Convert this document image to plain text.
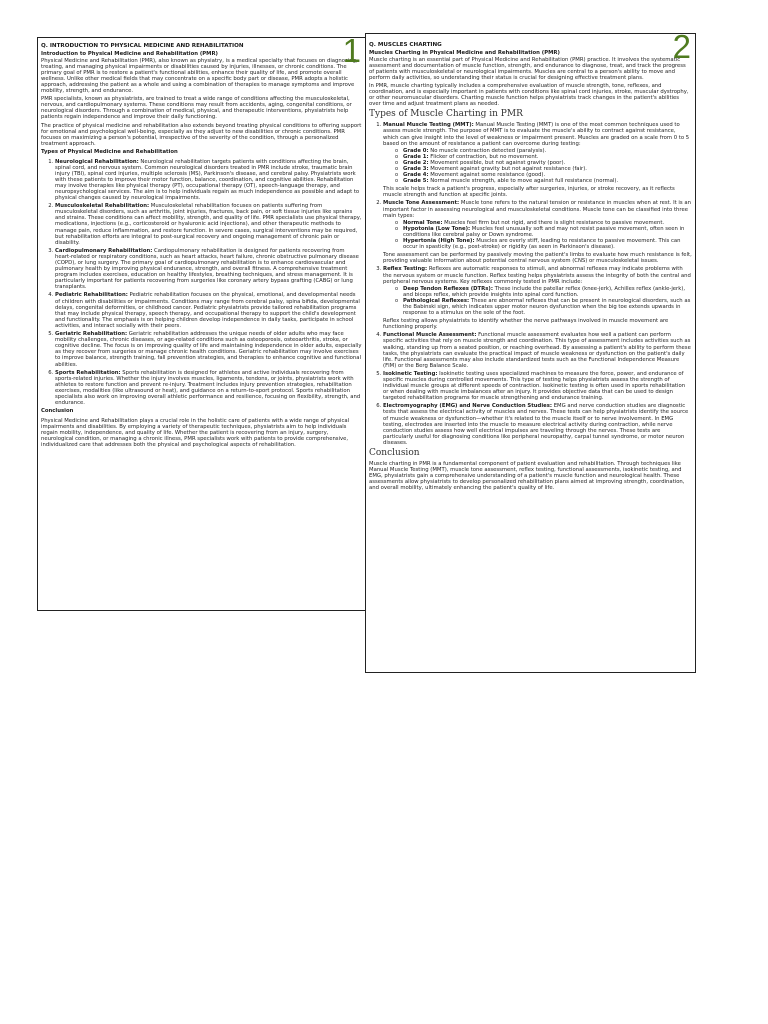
1
Q. INTRODUCTION TO PHYSICAL MEDICINE AND REHABILITATION
Introduction to Physical Medicine and Rehabilitation (PMR)

Physical Medicine and Rehabilitation (PMR), also known as physiatry, is a medical specialty that focuses on diagnosing, treating, and managing physical impairments or disabilities caused by injuries, illnesses, or chronic conditions. The primary goal of PMR is to restore a patient's functional abilities, enhance their quality of life, and promote overall wellness. Unlike other medical fields that may concentrate on a specific body part or disease, PMR adopts a holistic approach, addressing the patient as a whole and using a combination of therapies to manage symptoms and improve mobility, strength, and endurance.

PMR specialists, known as physiatrists, are trained to treat a wide range of conditions affecting the musculoskeletal, nervous, and cardiopulmonary systems. These conditions may result from accidents, aging, congenital conditions, or neurological disorders. Through a combination of medical, physical, and therapeutic interventions, physiatrists help patients regain independence and improve their daily functioning.

The practice of physical medicine and rehabilitation also extends beyond treating physical conditions to offering support for emotional and psychological well-being, especially as they adjust to new disabilities or chronic conditions. PMR focuses on maximizing a person's potential, irrespective of the severity of the condition, through a personalized treatment approach.

Types of Physical Medicine and Rehabilitation
1. Neurological Rehabilitation: Neurological rehabilitation targets patients with conditions affecting the brain, spinal cord, and nervous system. Common neurological disorders treated in PMR include stroke, traumatic brain injury (TBI), spinal cord injuries, multiple sclerosis (MS), Parkinson's disease, and cerebral palsy. Physiatrists work with these patients to improve their motor function, balance, coordination, and cognitive abilities. Rehabilitation may involve therapies like physical therapy (PT), occupational therapy (OT), speech-language therapy, and neuropsychological services. The aim is to help individuals regain as much independence as possible and adapt to physical changes caused by neurological impairments.
2. Musculoskeletal Rehabilitation: Musculoskeletal rehabilitation focuses on patients suffering from musculoskeletal disorders, such as arthritis, joint injuries, fractures, back pain, or soft tissue injuries like sprains and strains. These conditions can affect mobility, strength, and quality of life. PMR specialists use physical therapy, medications, injections (e.g., corticosteroid or hyaluronic acid injections), and other therapeutic methods to manage pain, reduce inflammation, and restore function. In severe cases, surgical interventions may be required, but rehabilitation efforts are integral to post-surgical recovery and ongoing management of chronic pain or disability.
3. Cardiopulmonary Rehabilitation: Cardiopulmonary rehabilitation is designed for patients recovering from heart-related or respiratory conditions, such as heart attacks, heart failure, chronic obstructive pulmonary disease (COPD), or lung surgery. The primary goal of cardiopulmonary rehabilitation is to enhance cardiovascular and pulmonary health by improving physical endurance, strength, and overall fitness. A comprehensive treatment program includes exercises, education on healthy lifestyles, breathing techniques, and stress management. It is particularly important for patients recovering from surgeries like coronary artery bypass grafting (CABG) or lung transplants.
4. Pediatric Rehabilitation: Pediatric rehabilitation focuses on the physical, emotional, and developmental needs of children with disabilities or impairments. Conditions may range from cerebral palsy, spina bifida, developmental delays, congenital deformities, or childhood cancer. Pediatric physiatrists provide tailored rehabilitation programs that may include physical therapy, speech therapy, and occupational therapy to support the child's development and functionality. The emphasis is on helping children develop independence in daily tasks, participate in school activities, and interact socially with their peers.
5. Geriatric Rehabilitation: Geriatric rehabilitation addresses the unique needs of older adults who may face mobility challenges, chronic diseases, or age-related conditions such as osteoporosis, osteoarthritis, stroke, or cognitive decline. The focus is on improving quality of life and maintaining independence in older adults, especially as they recover from surgeries or manage chronic health conditions. Geriatric rehabilitation may involve exercises to improve balance, strength training, fall prevention strategies, and therapies to enhance cognitive and functional abilities.
6. Sports Rehabilitation: Sports rehabilitation is designed for athletes and active individuals recovering from sports-related injuries. Whether the injury involves muscles, ligaments, tendons, or joints, physiatrists work with athletes to restore function and prevent re-injury. Treatment includes injury prevention strategies, rehabilitation exercises, modalities (like ultrasound or heat), and guidance on a return-to-sport protocol. Sports rehabilitation specialists also work on improving overall athletic performance and resilience, focusing on flexibility, strength, and endurance.
Conclusion

Physical Medicine and Rehabilitation plays a crucial role in the holistic care of patients with a wide range of physical impairments and disabilities. By employing a variety of therapeutic techniques, physiatrists aim to help individuals regain mobility, independence, and quality of life. Whether the patient is recovering from an injury, surgery, neurological condition, or managing a chronic illness, PMR specialists work with patients to provide comprehensive, individualized care that addresses both the physical and psychological aspects of rehabilitation.

2
Q. MUSCLES CHARTING
Muscles Charting in Physical Medicine and Rehabilitation (PMR)

Muscle charting is an essential part of Physical Medicine and Rehabilitation (PMR) practice. It involves the systematic assessment and documentation of muscle function, strength, and endurance to diagnose, treat, and track the progress of patients with musculoskeletal or neurological impairments. Muscles are central to a person's ability to move and perform daily activities, so understanding their status is crucial for designing effective treatment plans.

In PMR, muscle charting typically includes a comprehensive evaluation of muscle strength, tone, reflexes, and coordination, and is especially important in patients with conditions like spinal cord injuries, stroke, muscular dystrophy, or other neuromuscular disorders. Charting muscle function helps physiatrists track changes in the patient's abilities over time and adjust treatment plans as needed.

Types of Muscle Charting in PMR
1. Manual Muscle Testing (MMT): Manual Muscle Testing (MMT) is one of the most common techniques used to assess muscle strength. The purpose of MMT is to evaluate the muscle's ability to contract against resistance, which can give insight into the level of weakness or impairment present. Muscles are graded on a scale from 0 to 5 based on the amount of resistance a patient can overcome during testing:
o Grade 0: No muscle contraction detected (paralysis).
o Grade 1: Flicker of contraction, but no movement.
o Grade 2: Movement possible, but not against gravity (poor).
o Grade 3: Movement against gravity but not against resistance (fair).
o Grade 4: Movement against some resistance (good).
o Grade 5: Normal muscle strength, able to move against full resistance (normal).
This scale helps track a patient's progress, especially after surgeries, injuries, or stroke recovery, as it reflects muscle strength and function at specific joints.
2. Muscle Tone Assessment: Muscle tone refers to the natural tension or resistance in muscles when at rest. It is an important factor in assessing neurological and musculoskeletal conditions. Muscle tone can be classified into three main types:
o Normal Tone: Muscles feel firm but not rigid, and there is slight resistance to passive movement.
o Hypotonia (Low Tone): Muscles feel unusually soft and may not resist passive movement, often seen in conditions like cerebral palsy or Down syndrome.
o Hypertonia (High Tone): Muscles are overly stiff, leading to resistance to passive movement. This can occur in spasticity (e.g., post-stroke) or rigidity (as seen in Parkinson's disease).
Tone assessment can be performed by passively moving the patient's limbs to evaluate how much resistance is felt, providing valuable information about potential central nervous system (CNS) or musculoskeletal issues.
3. Reflex Testing: Reflexes are automatic responses to stimuli, and abnormal reflexes may indicate problems with the nervous system or muscle function. Reflex testing helps physiatrists assess the integrity of both the central and peripheral nervous systems. Key reflexes commonly tested in PMR include:
o Deep Tendon Reflexes (DTRs): These include the patellar reflex (knee-jerk), Achilles reflex (ankle-jerk), and biceps reflex, which provide insights into spinal cord function.
o Pathological Reflexes: These are abnormal reflexes that can be present in neurological disorders, such as the Babinski sign, which indicates upper motor neuron dysfunction when the big toe extends upwards in response to a stimulus on the sole of the foot.
Reflex testing allows physiatrists to identify whether the nerve pathways involved in muscle movement are functioning properly.
4. Functional Muscle Assessment: Functional muscle assessment evaluates how well a patient can perform specific activities that rely on muscle strength and coordination. This type of assessment includes activities such as walking, standing up from a seated position, or reaching overhead. By assessing a patient's ability to perform these tasks, the physiatrists can evaluate the practical impact of muscle weakness or dysfunction on the patient's daily life. Functional assessments may also include standardized tests such as the Functional Independence Measure (FIM) or the Berg Balance Scale.
5. Isokinetic Testing: Isokinetic testing uses specialized machines to measure the force, power, and endurance of specific muscles during controlled movements. This type of testing helps physiatrists assess the strength of individual muscle groups at different speeds of contraction. Isokinetic testing is often used in sports rehabilitation or when dealing with muscle imbalances after an injury. It provides objective data that can be used to design targeted rehabilitation programs for muscle strengthening and endurance training.
6. Electromyography (EMG) and Nerve Conduction Studies: EMG and nerve conduction studies are diagnostic tests that assess the electrical activity of muscles and nerves. These tests can help physiatrists identify the source of muscle weakness or dysfunction—whether it's related to the muscle itself or to nerve involvement. In EMG testing, electrodes are inserted into the muscle to measure electrical activity during contraction, while nerve conduction studies assess how well electrical impulses are traveling through the nerves. These tests are particularly useful for diagnosing conditions like peripheral neuropathy, carpal tunnel syndrome, or motor neuron diseases.
Conclusion

Muscle charting in PMR is a fundamental component of patient evaluation and rehabilitation. Through techniques like Manual Muscle Testing (MMT), muscle tone assessment, reflex testing, functional assessments, isokinetic testing, and EMG, physiatrists gain a comprehensive understanding of a patient's muscle function and neurological health. These assessments allow physiatrists to develop personalized rehabilitation plans aimed at improving strength, coordination, and overall mobility, ultimately enhancing the patient's quality of life.
